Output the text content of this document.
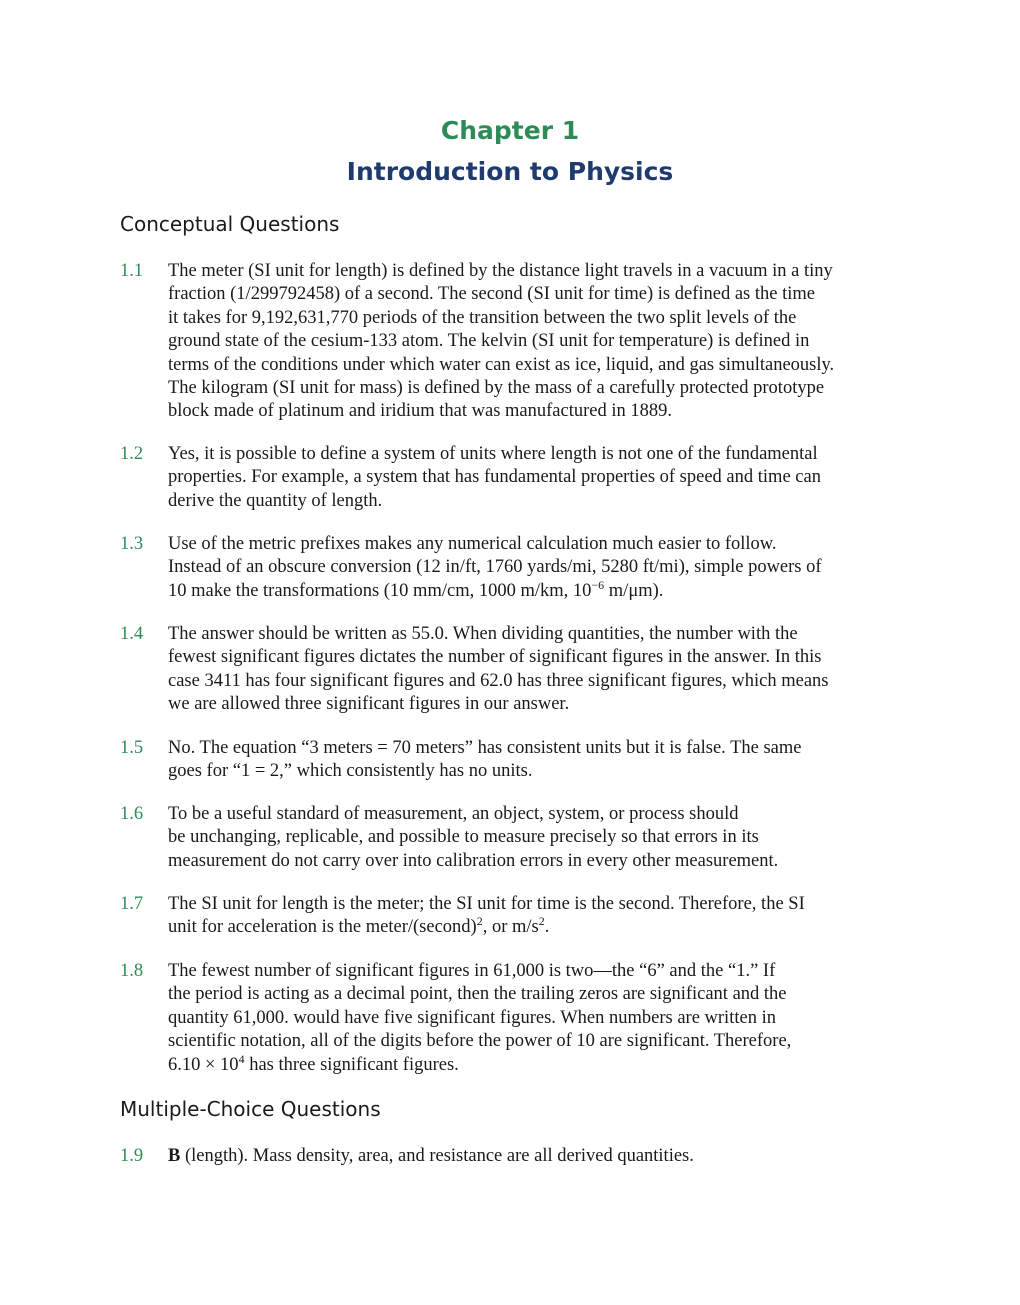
Chapter 1
Introduction to Physics
Conceptual Questions
1.1	The meter (SI unit for length) is defined by the distance light travels in a vacuum in a tiny
fraction (1/299792458) of a second. The second (SI unit for time) is defined as the time
it takes for 9,192,631,770 periods of the transition between the two split levels of the
ground state of the cesium-133 atom. The kelvin (SI unit for temperature) is defined in
terms of the conditions under which water can exist as ice, liquid, and gas simultaneously.
The kilogram (SI unit for mass) is defined by the mass of a carefully protected prototype
block made of platinum and iridium that was manufactured in 1889.
1.2	Yes, it is possible to define a system of units where length is not one of the fundamental
properties. For example, a system that has fundamental properties of speed and time can
derive the quantity of length.
1.3	Use of the metric prefixes makes any numerical calculation much easier to follow.
Instead of an obscure conversion (12 in/ft, 1760 yards/mi, 5280 ft/mi), simple powers of
10 make the transformations (10 mm/cm, 1000 m/km, $10^{-6}$ m/μm).
1.4	The answer should be written as 55.0. When dividing quantities, the number with the
fewest significant figures dictates the number of significant figures in the answer. In this
case 3411 has four significant figures and 62.0 has three significant figures, which means
we are allowed three significant figures in our answer.
1.5	No. The equation “3 meters = 70 meters” has consistent units but it is false. The same
goes for “1 = 2,” which consistently has no units.
1.6	To be a useful standard of measurement, an object, system, or process should
be unchanging, replicable, and possible to measure precisely so that errors in its
measurement do not carry over into calibration errors in every other measurement.
1.7	The SI unit for length is the meter; the SI unit for time is the second. Therefore, the SI
unit for acceleration is the meter/(second)$^2$, or $m/s^2$.
1.8	The fewest number of significant figures in 61,000 is two—the “6” and the “1.” If
the period is acting as a decimal point, then the trailing zeros are significant and the
quantity 61,000. would have five significant figures. When numbers are written in
scientific notation, all of the digits before the power of 10 are significant. Therefore,
$6.10 \times 10^4$ has three significant figures.
Multiple-Choice Questions
1.9	B (length). Mass density, area, and resistance are all derived quantities.
